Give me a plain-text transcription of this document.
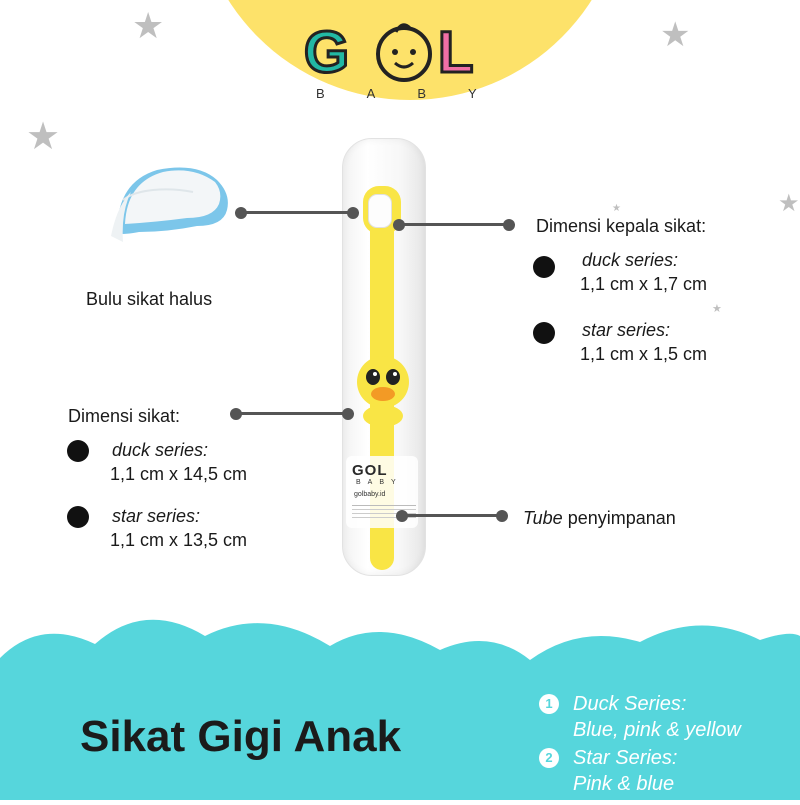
★	★
★
★
★
★
G L
BABY
Bulu sikat halus
GOL
BABY
golbaby.id
Dimensi kepala sikat:
duck series:
1,1 cm x 1,7 cm
star series:
1,1 cm x 1,5 cm
Dimensi sikat:
duck series:
1,1 cm x 14,5 cm
star series:
1,1 cm x 13,5 cm
Tube penyimpanan
Sikat Gigi Anak
1	Duck Series:
Blue, pink & yellow
2	Star Series:
Pink & blue
